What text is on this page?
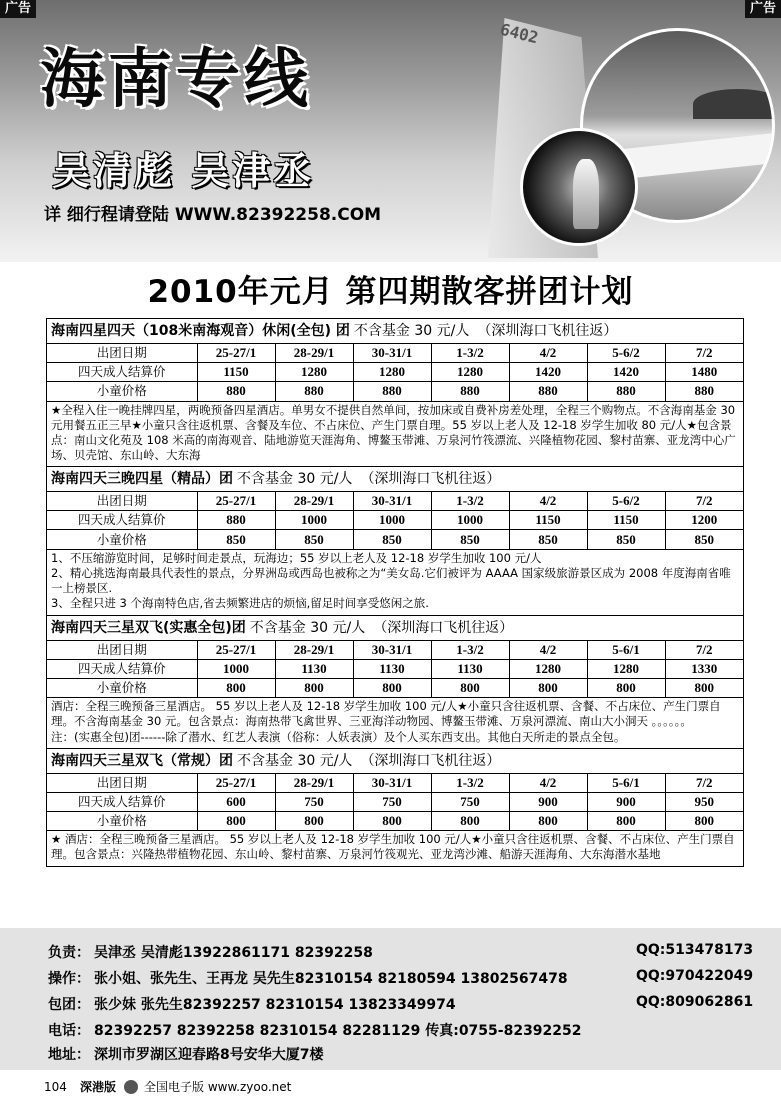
6402
海南专线
吴清彪 吴津丞
详 细行程请登陆 WWW.82392258.COM
广告	广告
2010年元月 第四期散客拼团计划
海南四星四天（108米南海观音）休闲(全包) 团 不含基金 30 元/人 （深圳海口飞机往返）
出团日期	25-27/1	28-29/1	30-31/1	1-3/2	4/2	5-6/2	7/2
四天成人结算价	1150	1280	1280	1280	1420	1420	1480
小童价格	880	880	880	880	880	880	880

★全程入住一晚挂牌四星，两晚预备四星酒店。单男女不提供自然单间，按加床或自费补房差处理，全程三个购物点。不含海南基金 30 元用餐五正三早★小童只含往返机票、含餐及车位、不占床位、产生门票自理。55 岁以上老人及 12-18 岁学生加收 80 元/人★包含景点：南山文化苑及 108 米高的南海观音、陆地游览天涯海角、博鳌玉带滩、万泉河竹筏漂流、兴隆植物花园、黎村苗寨、亚龙湾中心广场、贝壳馆、东山岭、大东海

海南四天三晚四星（精品）团 不含基金 30 元/人 （深圳海口飞机往返）
出团日期	25-27/1	28-29/1	30-31/1	1-3/2	4/2	5-6/2	7/2
四天成人结算价	880	1000	1000	1000	1150	1150	1200
小童价格	850	850	850	850	850	850	850

1、不压缩游览时间，足够时间走景点，玩海边；55 岁以上老人及 12-18 岁学生加收 100 元/人

2、精心挑选海南最具代表性的景点，分界洲岛或西岛也被称之为“美女岛.它们被评为 AAAA 国家级旅游景区成为 2008 年度海南省唯一上榜景区.

3、全程只进 3 个海南特色店,省去频繁进店的烦恼,留足时间享受悠闲之旅.

海南四天三星双飞(实惠全包)团 不含基金 30 元/人 （深圳海口飞机往返）
出团日期	25-27/1	28-29/1	30-31/1	1-3/2	4/2	5-6/1	7/2
四天成人结算价	1000	1130	1130	1130	1280	1280	1330
小童价格	800	800	800	800	800	800	800

酒店：全程三晚预备三星酒店。 55 岁以上老人及 12-18 岁学生加收 100 元/人★小童只含往返机票、含餐、不占床位、产生门票自理。不含海南基金 30 元。包含景点：海南热带飞禽世界、三亚海洋动物园、博鳌玉带滩、万泉河漂流、南山大小洞天 。。。。。。

注：(实惠全包)团------除了潜水、红艺人表演（俗称：人妖表演）及个人买东西支出。其他白天所走的景点全包。

海南四天三星双飞（常规）团 不含基金 30 元/人 （深圳海口飞机往返）
出团日期	25-27/1	28-29/1	30-31/1	1-3/2	4/2	5-6/1	7/2
四天成人结算价	600	750	750	750	900	900	950
小童价格	800	800	800	800	800	800	800

★ 酒店：全程三晚预备三星酒店。 55 岁以上老人及 12-18 岁学生加收 100 元/人★小童只含往返机票、含餐、不占床位、产生门票自理。包含景点：兴隆热带植物花园、东山岭、黎村苗寨、万泉河竹筏观光、亚龙湾沙滩、船游天涯海角、大东海潜水基地

负责： 吴津丞 吴清彪13922861171 82392258	QQ:513478173
操作： 张小姐、张先生、王再龙 吴先生82310154 82180594 13802567478	QQ:970422049
包团： 张少妹 张先生82392257 82310154 13823349974	QQ:809062861
电话： 82392257 82392258 82310154 82281129 传真:0755-82392252
地址： 深圳市罗湖区迎春路8号安华大厦7楼
104 深港版 全国电子版 www.zyoo.net
